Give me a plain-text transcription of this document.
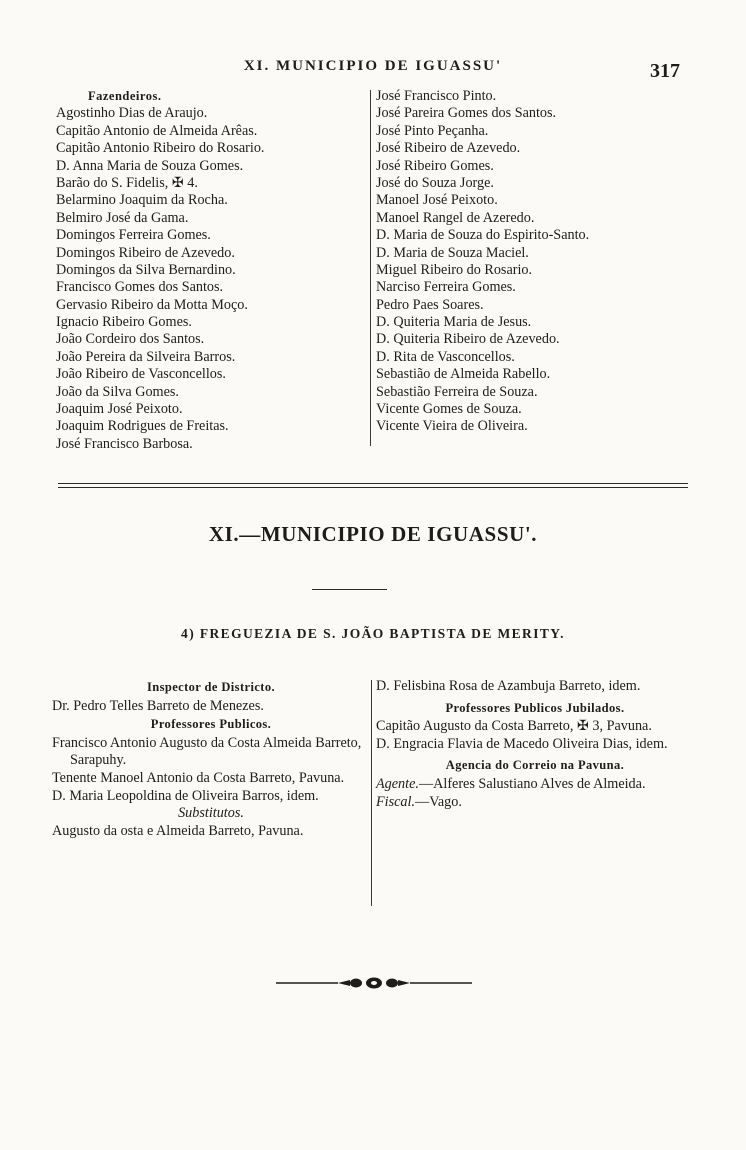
XI. MUNICIPIO DE IGUASSU'	317
Fazendeiros.
Agostinho Dias de Araujo.
Capitão Antonio de Almeida Arêas.
Capitão Antonio Ribeiro do Rosario.
D. Anna Maria de Souza Gomes.
Barão do S. Fidelis, ✠ 4.
Belarmino Joaquim da Rocha.
Belmiro José da Gama.
Domingos Ferreira Gomes.
Domingos Ribeiro de Azevedo.
Domingos da Silva Bernardino.
Francisco Gomes dos Santos.
Gervasio Ribeiro da Motta Moço.
Ignacio Ribeiro Gomes.
João Cordeiro dos Santos.
João Pereira da Silveira Barros.
João Ribeiro de Vasconcellos.
João da Silva Gomes.
Joaquim José Peixoto.
Joaquim Rodrigues de Freitas.
José Francisco Barbosa.
José Francisco Pinto.
José Pareira Gomes dos Santos.
José Pinto Peçanha.
José Ribeiro de Azevedo.
José Ribeiro Gomes.
José do Souza Jorge.
Manoel José Peixoto.
Manoel Rangel de Azeredo.
D. Maria de Souza do Espirito-Santo.
D. Maria de Souza Maciel.
Miguel Ribeiro do Rosario.
Narciso Ferreira Gomes.
Pedro Paes Soares.
D. Quiteria Maria de Jesus.
D. Quiteria Ribeiro de Azevedo.
D. Rita de Vasconcellos.
Sebastião de Almeida Rabello.
Sebastião Ferreira de Souza.
Vicente Gomes de Souza.
Vicente Vieira de Oliveira.
XI.—MUNICIPIO DE IGUASSU'.
4) FREGUEZIA DE S. JOÃO BAPTISTA DE MERITY.
Inspector de Districto.
Dr. Pedro Telles Barreto de Menezes.
Professores Publicos.
Francisco Antonio Augusto da Costa Almeida Barreto, Sarapuhy.
Tenente Manoel Antonio da Costa Barreto, Pavuna.
D. Maria Leopoldina de Oliveira Barros, idem.
Substitutos.
Augusto da osta e Almeida Barreto, Pavuna.
D. Felisbina Rosa de Azambuja Barreto, idem.
Professores Publicos Jubilados.
Capitão Augusto da Costa Barreto, ✠ 3, Pavuna.
D. Engracia Flavia de Macedo Oliveira Dias, idem.
Agencia do Correio na Pavuna.
Agente.—Alferes Salustiano Alves de Almeida.
Fiscal.—Vago.
